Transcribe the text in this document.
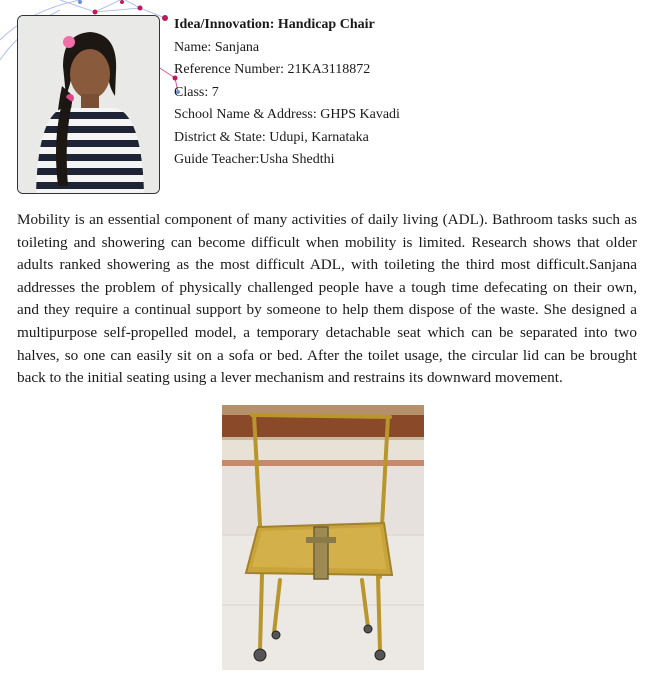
Idea/Innovation: Handicap Chair
Name: Sanjana
Reference Number: 21KA3118872
Class: 7
School Name & Address: GHPS Kavadi
District & State: Udupi, Karnataka
Guide Teacher:Usha Shedthi

Mobility is an essential component of many activities of daily living (ADL). Bathroom tasks such as toileting and showering can become difficult when mobility is limited. Research shows that older adults ranked showering as the most difficult ADL, with toileting the third most difficult.Sanjana addresses the problem of physically challenged people have a tough time defecating on their own, and they require a continual support by someone to help them dispose of the waste. She designed a multipurpose self-propelled model, a temporary detachable seat which can be separated into two halves, so one can easily sit on a sofa or bed. After the toilet usage, the circular lid can be brought back to the initial seating using a lever mechanism and restrains its downward movement.
